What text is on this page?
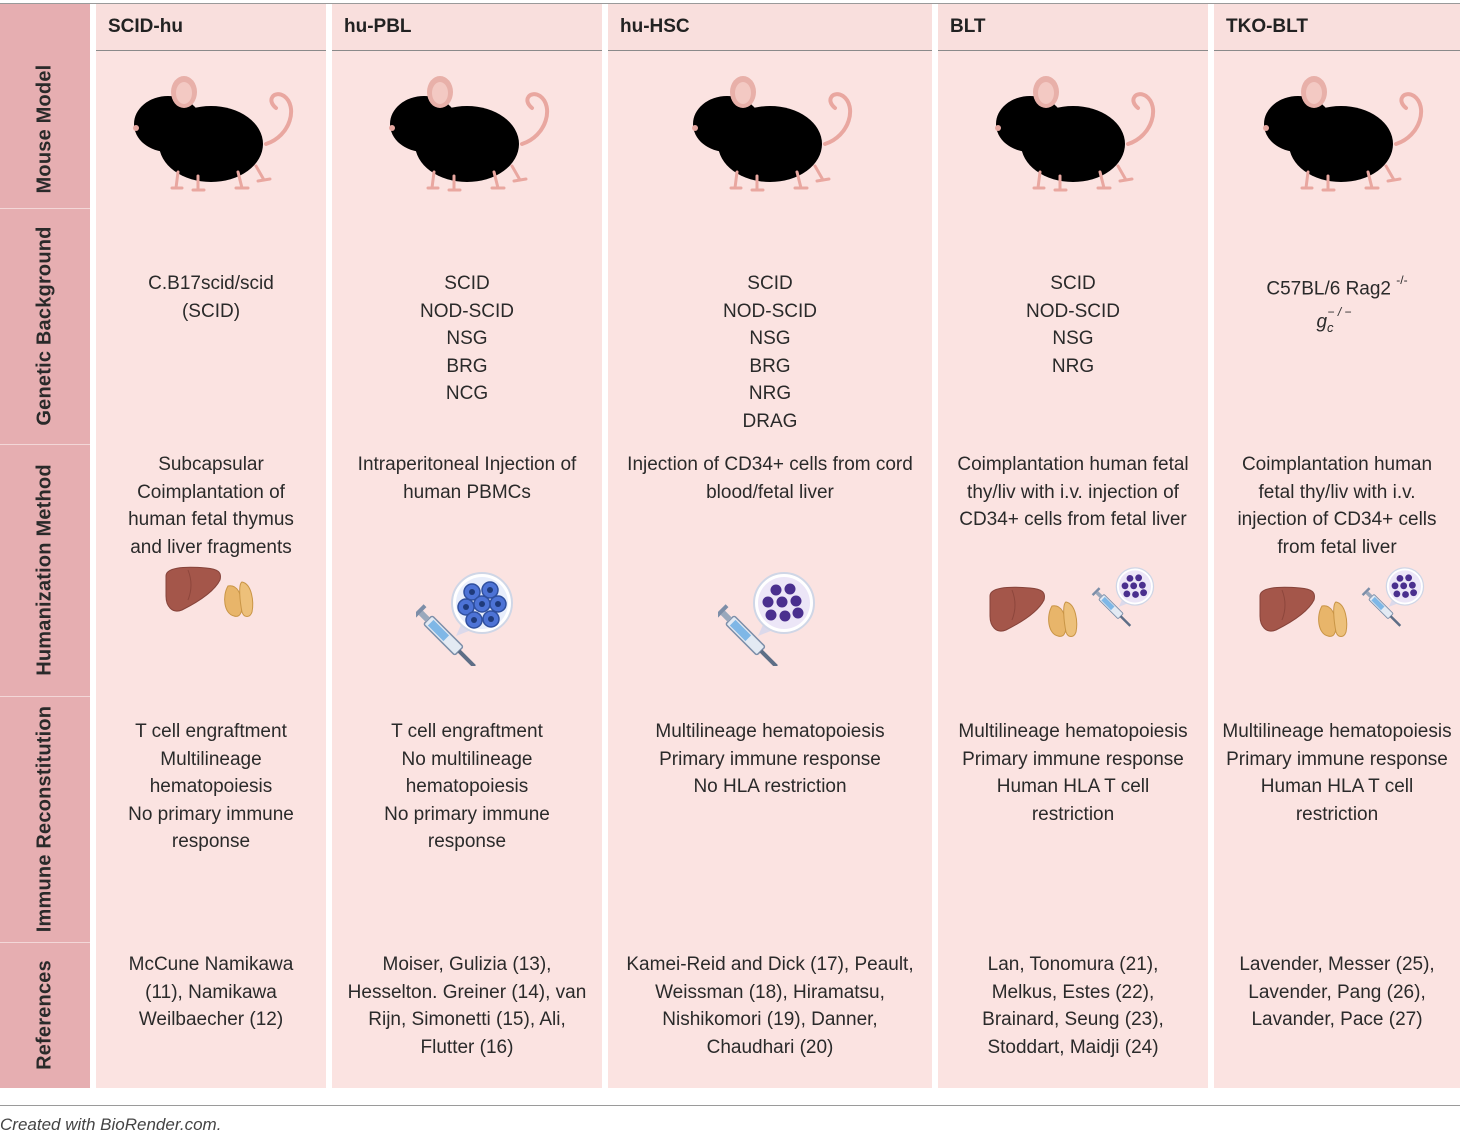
Mouse Model
Genetic Background
Humanization Method
Immune Reconstitution
References
SCID-hu
C.B17scid/scid
(SCID)
Subcapsular
Coimplantation of
human fetal thymus
and liver fragments
T cell engraftment
Multilineage
hematopoiesis
No primary immune
response
McCune Namikawa
(11), Namikawa
Weilbaecher (12)
hu-PBL
SCID
NOD-SCID
NSG
BRG
NCG
Intraperitoneal Injection of
human PBMCs
T cell engraftment
No multilineage
hematopoiesis
No primary immune
response
Moiser, Gulizia (13),
Hesselton. Greiner (14), van
Rijn, Simonetti (15), Ali,
Flutter (16)
hu-HSC
SCID
NOD-SCID
NSG
BRG
NRG
DRAG
Injection of CD34+ cells from cord
blood/fetal liver
Multilineage hematopoiesis
Primary immune response
No HLA restriction
Kamei-Reid and Dick (17), Peault,
Weissman (18), Hiramatsu,
Nishikomori (19), Danner,
Chaudhari (20)
BLT
SCID
NOD-SCID
NSG
NRG
Coimplantation human fetal
thy/liv with i.v. injection of
CD34+ cells from fetal liver
Multilineage hematopoiesis
Primary immune response
Human HLA T cell
restriction
Lan, Tonomura (21),
Melkus, Estes (22),
Brainard, Seung (23),
Stoddart, Maidji (24)
TKO-BLT
C57BL/6 Rag2 -/-
$g_c^{- / -}$
Coimplantation human
fetal thy/liv with i.v.
injection of CD34+ cells
from fetal liver
Multilineage hematopoiesis
Primary immune response
Human HLA T cell
restriction
Lavender, Messer (25),
Lavender, Pang (26),
Lavander, Pace (27)
Created with BioRender.com.
